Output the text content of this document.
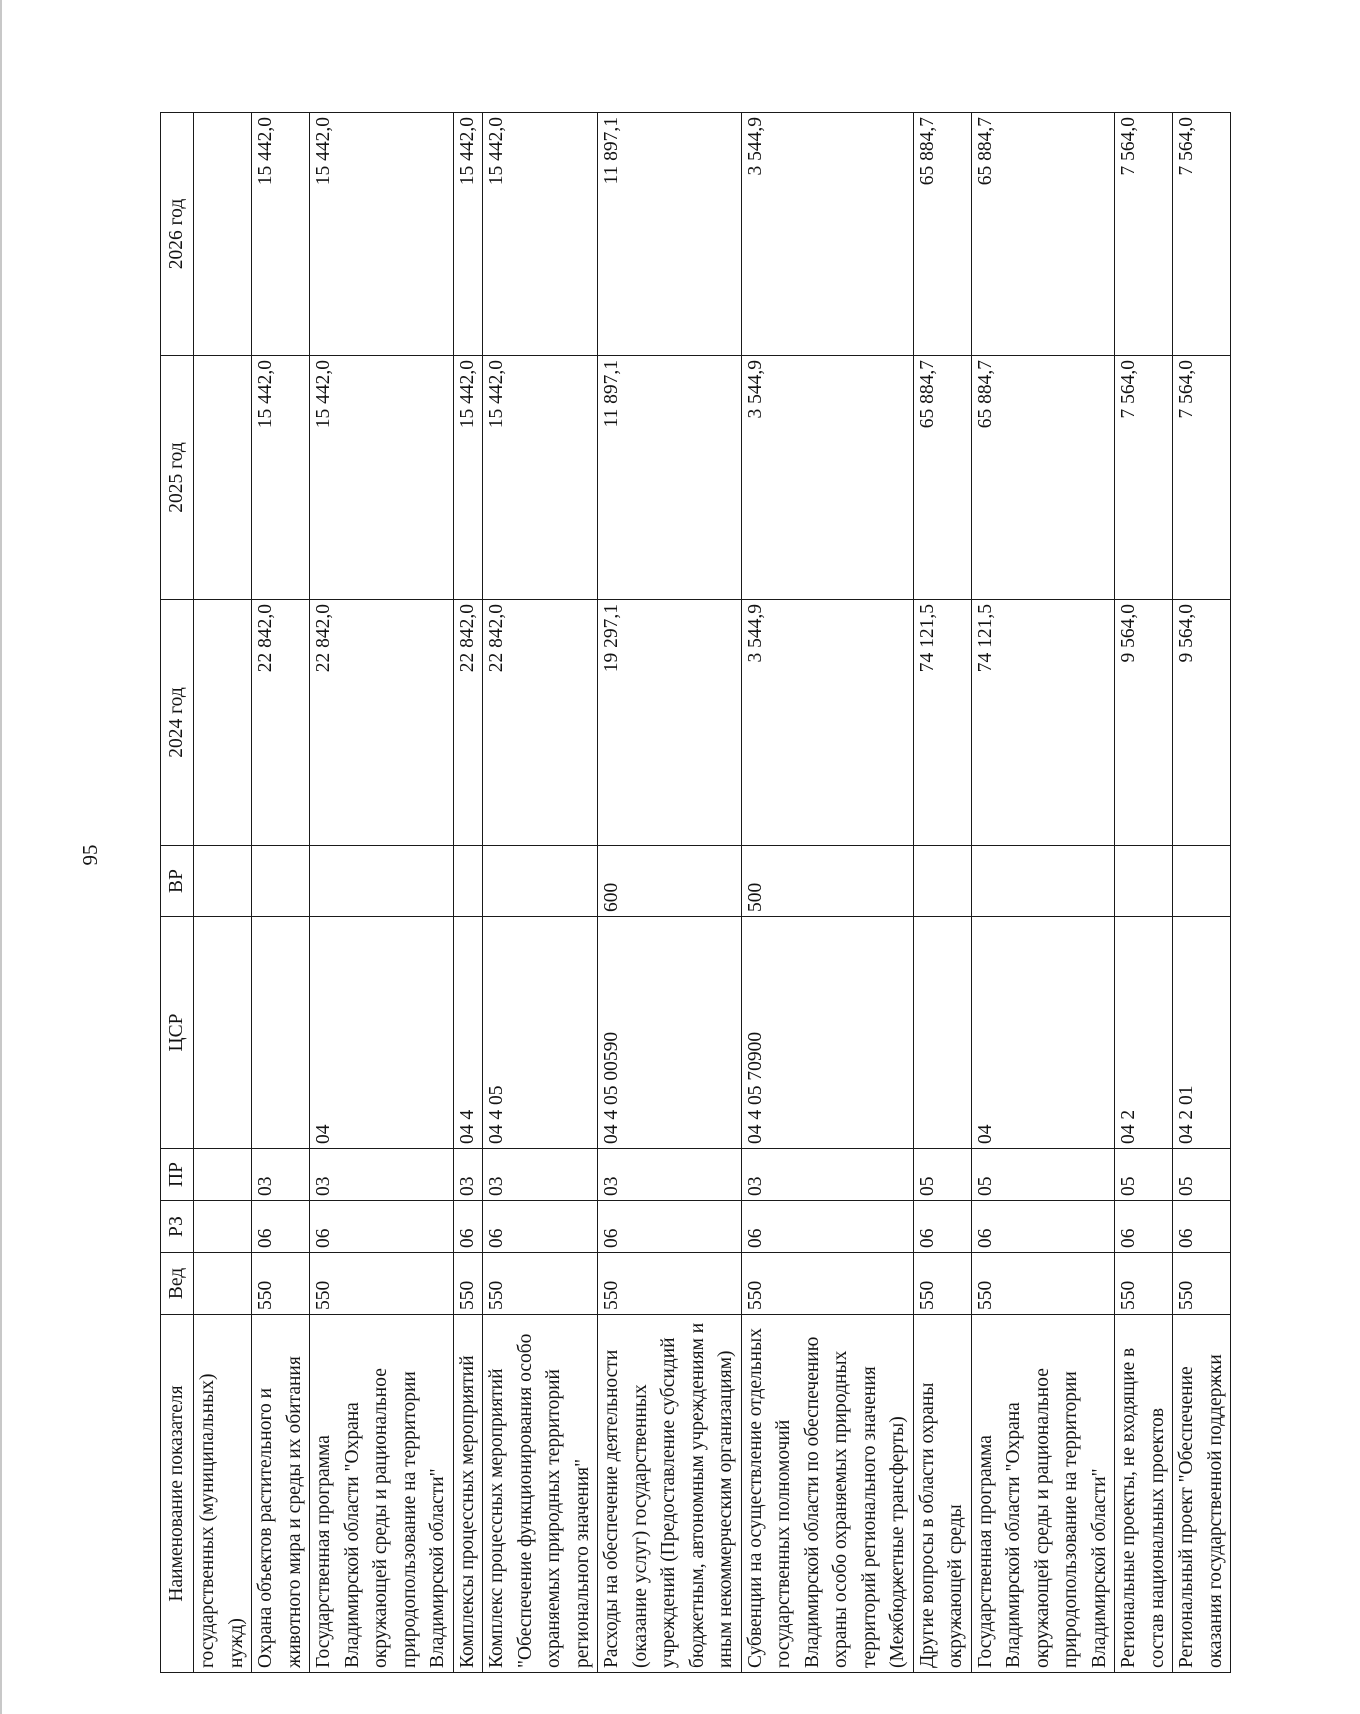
95
Наименование показателя	Вед	РЗ	ПР	ЦСР	ВР	2024 год	2025 год	2026 год
государственных (муниципальных) нужд)								
Охрана объектов растительного и животного мира и среды их обитания	550	06	03			22 842,0	15 442,0	15 442,0
Государственная программа Владимирской области "Охрана окружающей среды и рациональное природопользование на территории Владимирской области"	550	06	03	04		22 842,0	15 442,0	15 442,0
Комплексы процессных мероприятий	550	06	03	04 4		22 842,0	15 442,0	15 442,0
Комплекс процессных мероприятий "Обеспечение функционирования особо охраняемых природных территорий регионального значения"	550	06	03	04 4 05		22 842,0	15 442,0	15 442,0
Расходы на обеспечение деятельности (оказание услуг) государственных учреждений (Предоставление субсидий бюджетным, автономным учреждениям и иным некоммерческим организациям)	550	06	03	04 4 05 00590	600	19 297,1	11 897,1	11 897,1
Субвенции на осуществление отдельных государственных полномочий Владимирской области по обеспечению охраны особо охраняемых природных территорий регионального значения (Межбюджетные трансферты)	550	06	03	04 4 05 70900	500	3 544,9	3 544,9	3 544,9
Другие вопросы в области охраны окружающей среды	550	06	05			74 121,5	65 884,7	65 884,7
Государственная программа Владимирской области "Охрана окружающей среды и рациональное природопользование на территории Владимирской области"	550	06	05	04		74 121,5	65 884,7	65 884,7
Региональные проекты, не входящие в состав национальных проектов	550	06	05	04 2		9 564,0	7 564,0	7 564,0
Региональный проект "Обеспечение оказания государственной поддержки	550	06	05	04 2 01		9 564,0	7 564,0	7 564,0
